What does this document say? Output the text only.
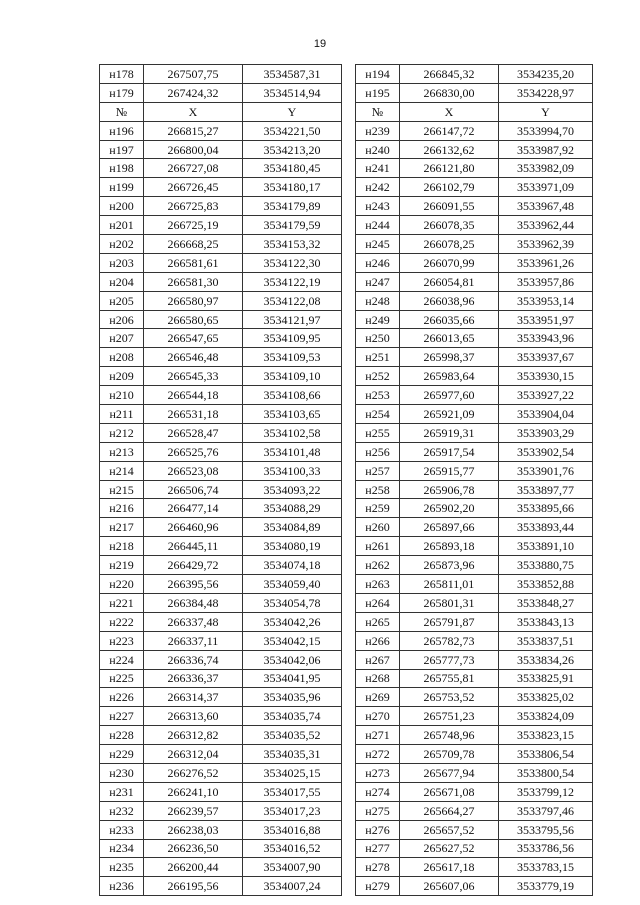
19
н178	267507,75	3534587,31		н194	266845,32	3534235,20
н179	267424,32	3534514,94		н195	266830,00	3534228,97
№	X	Y		№	X	Y
н196	266815,27	3534221,50		н239	266147,72	3533994,70
н197	266800,04	3534213,20		н240	266132,62	3533987,92
н198	266727,08	3534180,45		н241	266121,80	3533982,09
н199	266726,45	3534180,17		н242	266102,79	3533971,09
н200	266725,83	3534179,89		н243	266091,55	3533967,48
н201	266725,19	3534179,59		н244	266078,35	3533962,44
н202	266668,25	3534153,32		н245	266078,25	3533962,39
н203	266581,61	3534122,30		н246	266070,99	3533961,26
н204	266581,30	3534122,19		н247	266054,81	3533957,86
н205	266580,97	3534122,08		н248	266038,96	3533953,14
н206	266580,65	3534121,97		н249	266035,66	3533951,97
н207	266547,65	3534109,95		н250	266013,65	3533943,96
н208	266546,48	3534109,53		н251	265998,37	3533937,67
н209	266545,33	3534109,10		н252	265983,64	3533930,15
н210	266544,18	3534108,66		н253	265977,60	3533927,22
н211	266531,18	3534103,65		н254	265921,09	3533904,04
н212	266528,47	3534102,58		н255	265919,31	3533903,29
н213	266525,76	3534101,48		н256	265917,54	3533902,54
н214	266523,08	3534100,33		н257	265915,77	3533901,76
н215	266506,74	3534093,22		н258	265906,78	3533897,77
н216	266477,14	3534088,29		н259	265902,20	3533895,66
н217	266460,96	3534084,89		н260	265897,66	3533893,44
н218	266445,11	3534080,19		н261	265893,18	3533891,10
н219	266429,72	3534074,18		н262	265873,96	3533880,75
н220	266395,56	3534059,40		н263	265811,01	3533852,88
н221	266384,48	3534054,78		н264	265801,31	3533848,27
н222	266337,48	3534042,26		н265	265791,87	3533843,13
н223	266337,11	3534042,15		н266	265782,73	3533837,51
н224	266336,74	3534042,06		н267	265777,73	3533834,26
н225	266336,37	3534041,95		н268	265755,81	3533825,91
н226	266314,37	3534035,96		н269	265753,52	3533825,02
н227	266313,60	3534035,74		н270	265751,23	3533824,09
н228	266312,82	3534035,52		н271	265748,96	3533823,15
н229	266312,04	3534035,31		н272	265709,78	3533806,54
н230	266276,52	3534025,15		н273	265677,94	3533800,54
н231	266241,10	3534017,55		н274	265671,08	3533799,12
н232	266239,57	3534017,23		н275	265664,27	3533797,46
н233	266238,03	3534016,88		н276	265657,52	3533795,56
н234	266236,50	3534016,52		н277	265627,52	3533786,56
н235	266200,44	3534007,90		н278	265617,18	3533783,15
н236	266195,56	3534007,24		н279	265607,06	3533779,19
